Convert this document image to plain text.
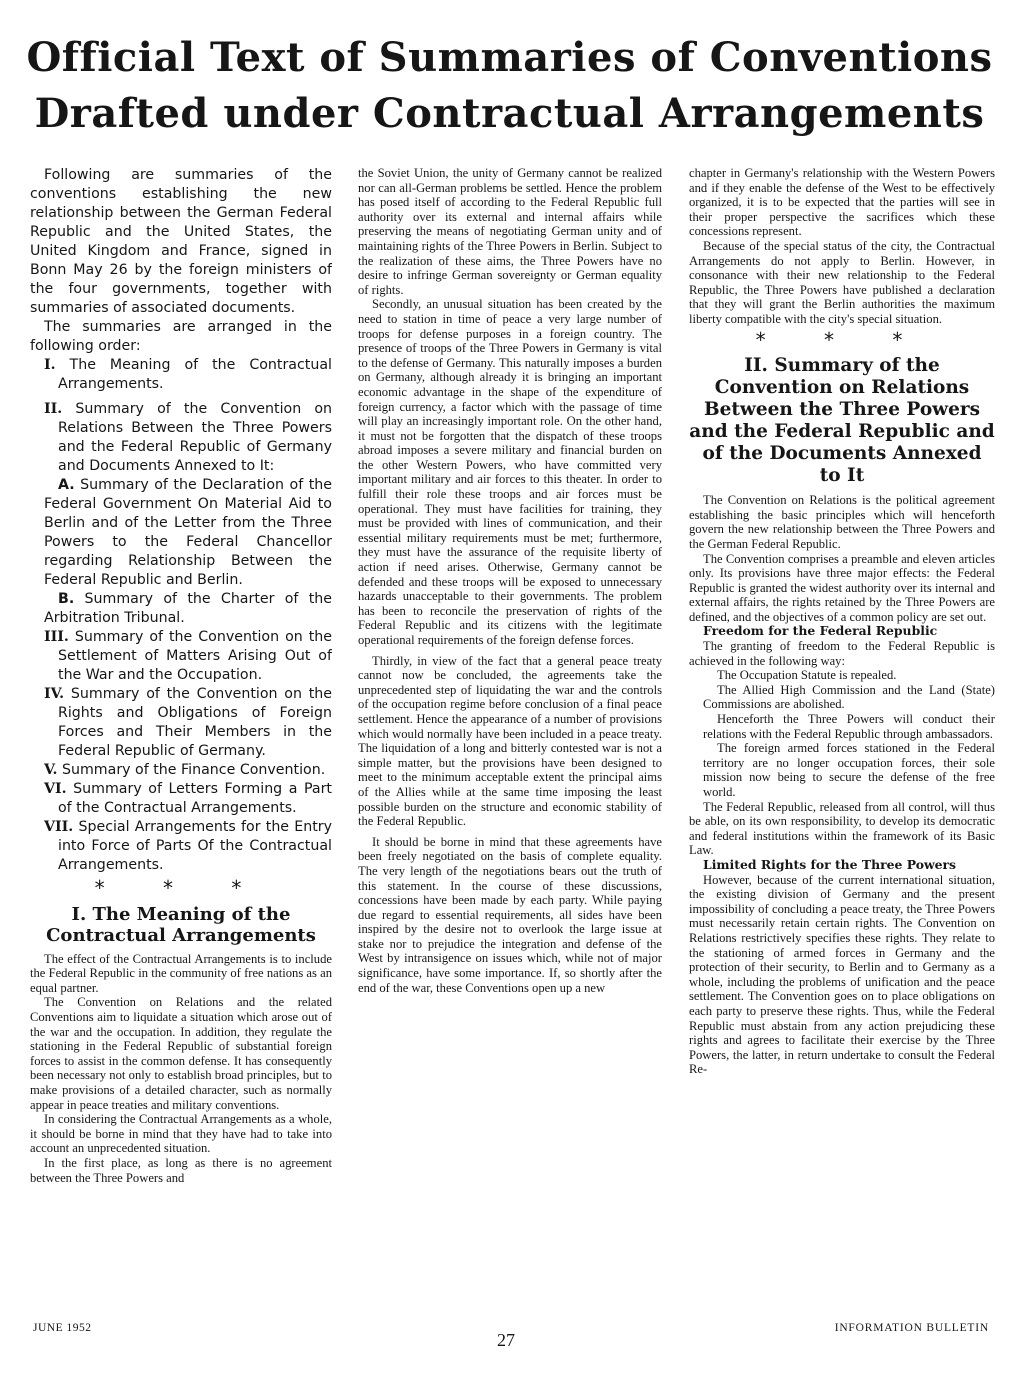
Official Text of Summaries of Conventions
Drafted under Contractual Arrangements

Following are summaries of the conventions establishing the new relationship between the German Federal Republic and the United States, the United Kingdom and France, signed in Bonn May 26 by the foreign ministers of the four governments, together with summaries of associated documents.

The summaries are arranged in the following order:

I. The Meaning of the Contractual Arrangements.

II. Summary of the Convention on Relations Between the Three Powers and the Federal Republic of Germany and Documents Annexed to It:

A. Summary of the Declaration of the Federal Government On Material Aid to Berlin and of the Letter from the Three Powers to the Federal Chancellor regarding Relationship Between the Federal Republic and Berlin.

B. Summary of the Charter of the Arbitration Tribunal.

III. Summary of the Convention on the Settlement of Matters Arising Out of the War and the Occupation.

IV. Summary of the Convention on the Rights and Obligations of Foreign Forces and Their Members in the Federal Republic of Germany.

V. Summary of the Finance Convention.

VI. Summary of Letters Forming a Part of the Contractual Arrangements.

VII. Special Arrangements for the Entry into Force of Parts Of the Contractual Arrangements.

* * *
I. The Meaning of the Contractual Arrangements

The effect of the Contractual Arrangements is to include the Federal Republic in the community of free nations as an equal partner.

The Convention on Relations and the related Conventions aim to liquidate a situation which arose out of the war and the occupation. In addition, they regulate the stationing in the Federal Republic of substantial foreign forces to assist in the common defense. It has consequently been necessary not only to establish broad principles, but to make provisions of a detailed character, such as normally appear in peace treaties and military conventions.

In considering the Contractual Arrangements as a whole, it should be borne in mind that they have had to take into account an unprecedented situation.

In the first place, as long as there is no agreement between the Three Powers and

the Soviet Union, the unity of Germany cannot be realized nor can all-German problems be settled. Hence the problem has posed itself of according to the Federal Republic full authority over its external and internal affairs while preserving the means of negotiating German unity and of maintaining rights of the Three Powers in Berlin. Subject to the realization of these aims, the Three Powers have no desire to infringe German sovereignty or German equality of rights.

Secondly, an unusual situation has been created by the need to station in time of peace a very large number of troops for defense purposes in a foreign country. The presence of troops of the Three Powers in Germany is vital to the defense of Germany. This naturally imposes a burden on Germany, although already it is bringing an important economic advantage in the shape of the expenditure of foreign currency, a factor which with the passage of time will play an increasingly important role. On the other hand, it must not be forgotten that the dispatch of these troops abroad imposes a severe military and financial burden on the other Western Powers, who have committed very important military and air forces to this theater. In order to fulfill their role these troops and air forces must be operational. They must have facilities for training, they must be provided with lines of communication, and their essential military requirements must be met; furthermore, they must have the assurance of the requisite liberty of action if need arises. Otherwise, Germany cannot be defended and these troops will be exposed to unnecessary hazards unacceptable to their governments. The problem has been to reconcile the preservation of rights of the Federal Republic and its citizens with the legitimate operational requirements of the foreign defense forces.

Thirdly, in view of the fact that a general peace treaty cannot now be concluded, the agreements take the unprecedented step of liquidating the war and the controls of the occupation regime before conclusion of a final peace settlement. Hence the appearance of a number of provisions which would normally have been included in a peace treaty. The liquidation of a long and bitterly contested war is not a simple matter, but the provisions have been designed to meet to the minimum acceptable extent the principal aims of the Allies while at the same time imposing the least possible burden on the structure and economic stability of the Federal Republic.

It should be borne in mind that these agreements have been freely negotiated on the basis of complete equality. The very length of the negotiations bears out the truth of this statement. In the course of these discussions, concessions have been made by each party. While paying due regard to essential requirements, all sides have been inspired by the desire not to overlook the large issue at stake nor to prejudice the integration and defense of the West by intransigence on issues which, while not of major significance, have some importance. If, so shortly after the end of the war, these Conventions open up a new

chapter in Germany's relationship with the Western Powers and if they enable the defense of the West to be effectively organized, it is to be expected that the parties will see in their proper perspective the sacrifices which these concessions represent.

Because of the special status of the city, the Contractual Arrangements do not apply to Berlin. However, in consonance with their new relationship to the Federal Republic, the Three Powers have published a declaration that they will grant the Berlin authorities the maximum liberty compatible with the city's special situation.

* * *
II. Summary of the Convention on Relations Between the Three Powers and the Federal Republic and of the Documents Annexed to It

The Convention on Relations is the political agreement establishing the basic principles which will henceforth govern the new relationship between the Three Powers and the German Federal Republic.

The Convention comprises a preamble and eleven articles only. Its provisions have three major effects: the Federal Republic is granted the widest authority over its internal and external affairs, the rights retained by the Three Powers are defined, and the objectives of a common policy are set out.

Freedom for the Federal Republic

The granting of freedom to the Federal Republic is achieved in the following way:

The Occupation Statute is repealed.

The Allied High Commission and the Land (State) Commissions are abolished.

Henceforth the Three Powers will conduct their relations with the Federal Republic through ambassadors.

The foreign armed forces stationed in the Federal territory are no longer occupation forces, their sole mission now being to secure the defense of the free world.

The Federal Republic, released from all control, will thus be able, on its own responsibility, to develop its democratic and federal institutions within the framework of its Basic Law.

Limited Rights for the Three Powers

However, because of the current international situation, the existing division of Germany and the present impossibility of concluding a peace treaty, the Three Powers must necessarily retain certain rights. The Convention on Relations restrictively specifies these rights. They relate to the stationing of armed forces in Germany and the protection of their security, to Berlin and to Germany as a whole, including the problems of unification and the peace settlement. The Convention goes on to place obligations on each party to preserve these rights. Thus, while the Federal Republic must abstain from any action prejudicing these rights and agrees to facilitate their exercise by the Three Powers, the latter, in return undertake to consult the Federal Re-

JUNE 1952
27
INFORMATION BULLETIN
